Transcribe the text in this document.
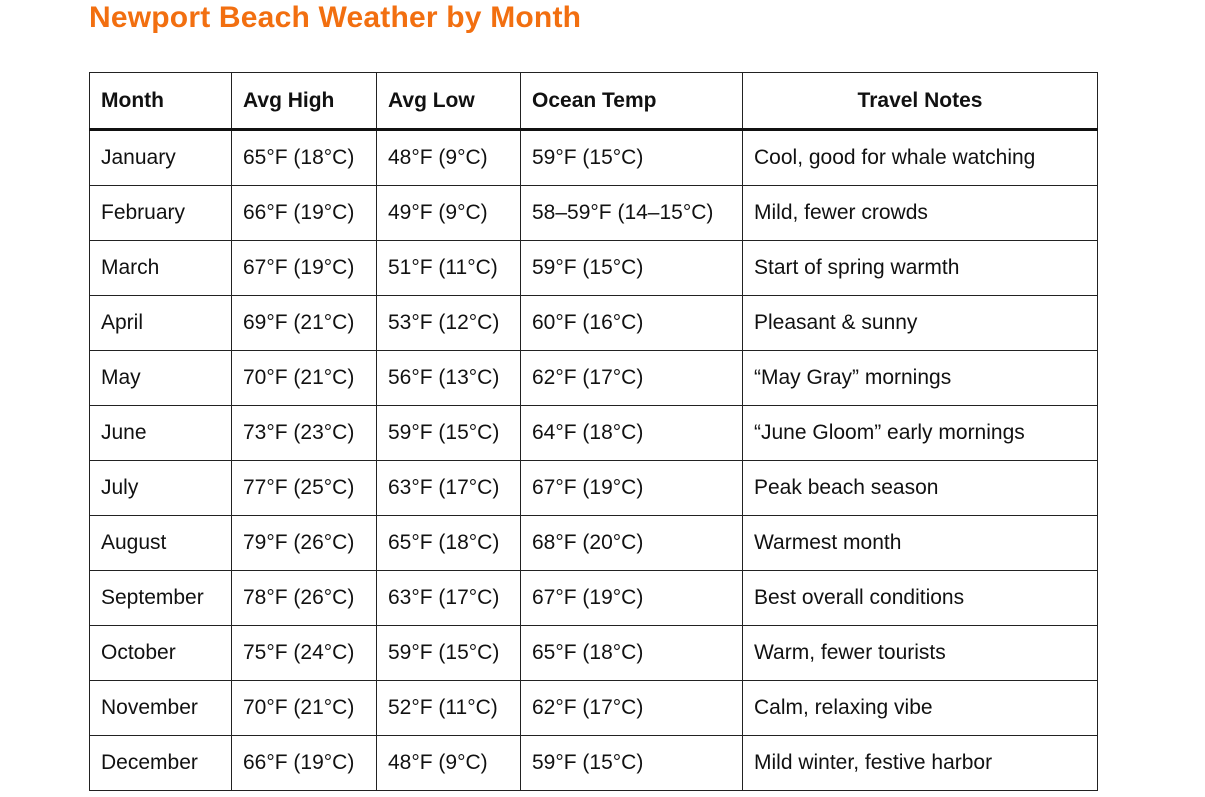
Newport Beach Weather by Month
Month	Avg High	Avg Low	Ocean Temp	Travel Notes
January	65°F (18°C)	48°F (9°C)	59°F (15°C)	Cool, good for whale watching
February	66°F (19°C)	49°F (9°C)	58–59°F (14–15°C)	Mild, fewer crowds
March	67°F (19°C)	51°F (11°C)	59°F (15°C)	Start of spring warmth
April	69°F (21°C)	53°F (12°C)	60°F (16°C)	Pleasant & sunny
May	70°F (21°C)	56°F (13°C)	62°F (17°C)	“May Gray” mornings
June	73°F (23°C)	59°F (15°C)	64°F (18°C)	“June Gloom” early mornings
July	77°F (25°C)	63°F (17°C)	67°F (19°C)	Peak beach season
August	79°F (26°C)	65°F (18°C)	68°F (20°C)	Warmest month
September	78°F (26°C)	63°F (17°C)	67°F (19°C)	Best overall conditions
October	75°F (24°C)	59°F (15°C)	65°F (18°C)	Warm, fewer tourists
November	70°F (21°C)	52°F (11°C)	62°F (17°C)	Calm, relaxing vibe
December	66°F (19°C)	48°F (9°C)	59°F (15°C)	Mild winter, festive harbor
